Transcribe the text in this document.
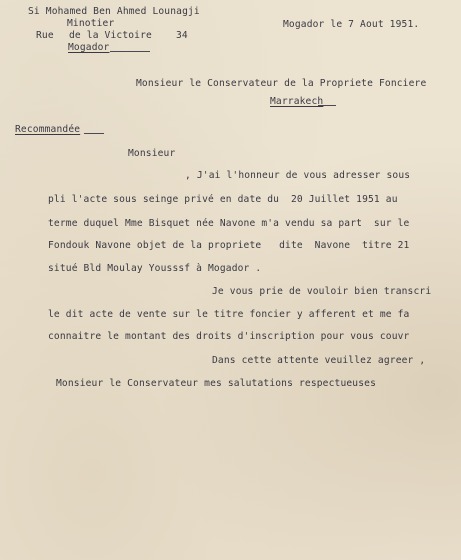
Si Mohamed Ben Ahmed Lounagji
Minotier
Rue de la Victoire	34
Mogador
Mogador le 7 Aout 1951.
Monsieur le Conservateur de la Propriete Fonciere
Marrakech
Recommandée
Monsieur
, J'ai l'honneur de vous adresser sous
pli l'acte sous seinge privé en date du  20 Juillet 1951 au
terme duquel Mme Bisquet née Navone m'a vendu sa part  sur le
Fondouk Navone objet de la propriete   dite  Navone  titre 21
situé Bld Moulay Yousssf à Mogador .
Je vous prie de vouloir bien transcri
le dit acte de vente sur le titre foncier y afferent et me fa
connaitre le montant des droits d'inscription pour vous couvr
Dans cette attente veuillez agreer ,
Monsieur le Conservateur mes salutations respectueuses
